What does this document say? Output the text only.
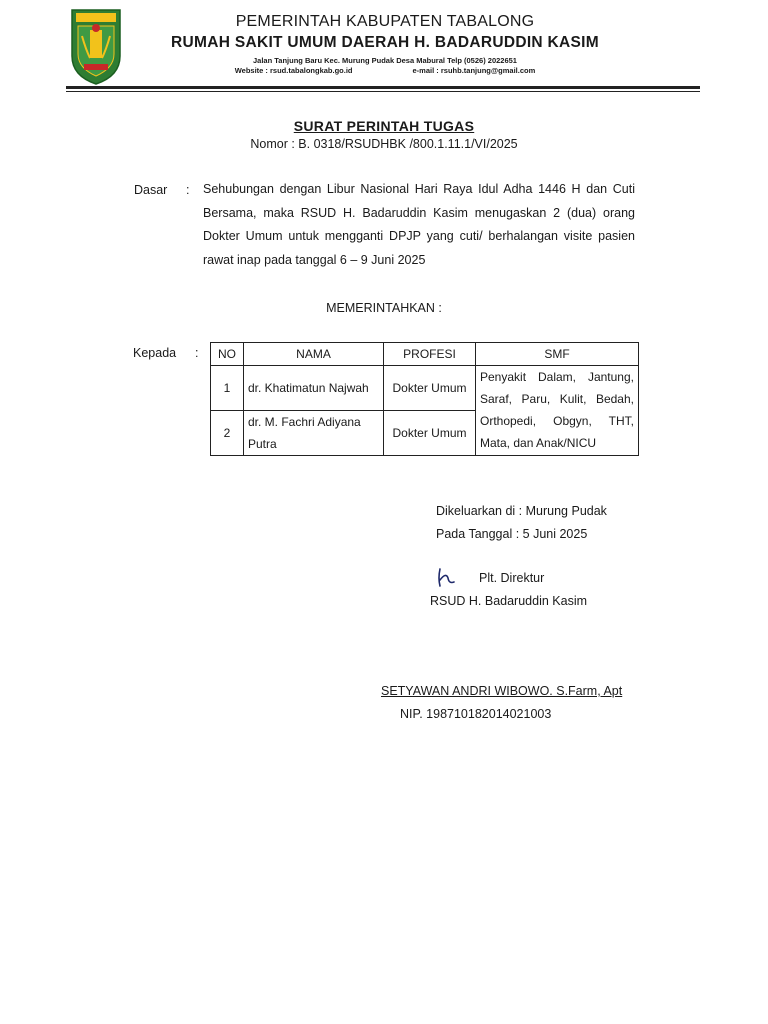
PEMERINTAH KABUPATEN TABALONG
RUMAH SAKIT UMUM DAERAH H. BADARUDDIN KASIM
Jalan Tanjung Baru Kec. Murung Pudak Desa Mabural Telp (0526) 2022651
Website : rsud.tabalongkab.go.id	e-mail : rsuhb.tanjung@gmail.com
SURAT PERINTAH TUGAS
Nomor : B. 0318/RSUDHBK /800.1.11.1/VI/2025
Dasar : Sehubungan dengan Libur Nasional Hari Raya Idul Adha 1446 H dan Cuti Bersama, maka RSUD H. Badaruddin Kasim menugaskan 2 (dua) orang Dokter Umum untuk mengganti DPJP yang cuti/ berhalangan visite pasien rawat inap pada tanggal 6 – 9 Juni 2025
MEMERINTAHKAN :
Kepada : NO	NAMA	PROFESI	SMF
1	dr. Khatimatun Najwah	Dokter Umum	Penyakit Dalam, Jantung, Saraf, Paru, Kulit, Bedah, Orthopedi, Obgyn, THT, Mata, dan Anak/NICU
2	dr. M. Fachri Adiyana Putra	Dokter Umum	
Dikeluarkan di : Murung Pudak
Pada Tanggal : 5 Juni 2025
Plt. Direktur
RSUD H. Badaruddin Kasim
SETYAWAN ANDRI WIBOWO. S.Farm, Apt
NIP. 198710182014021003
